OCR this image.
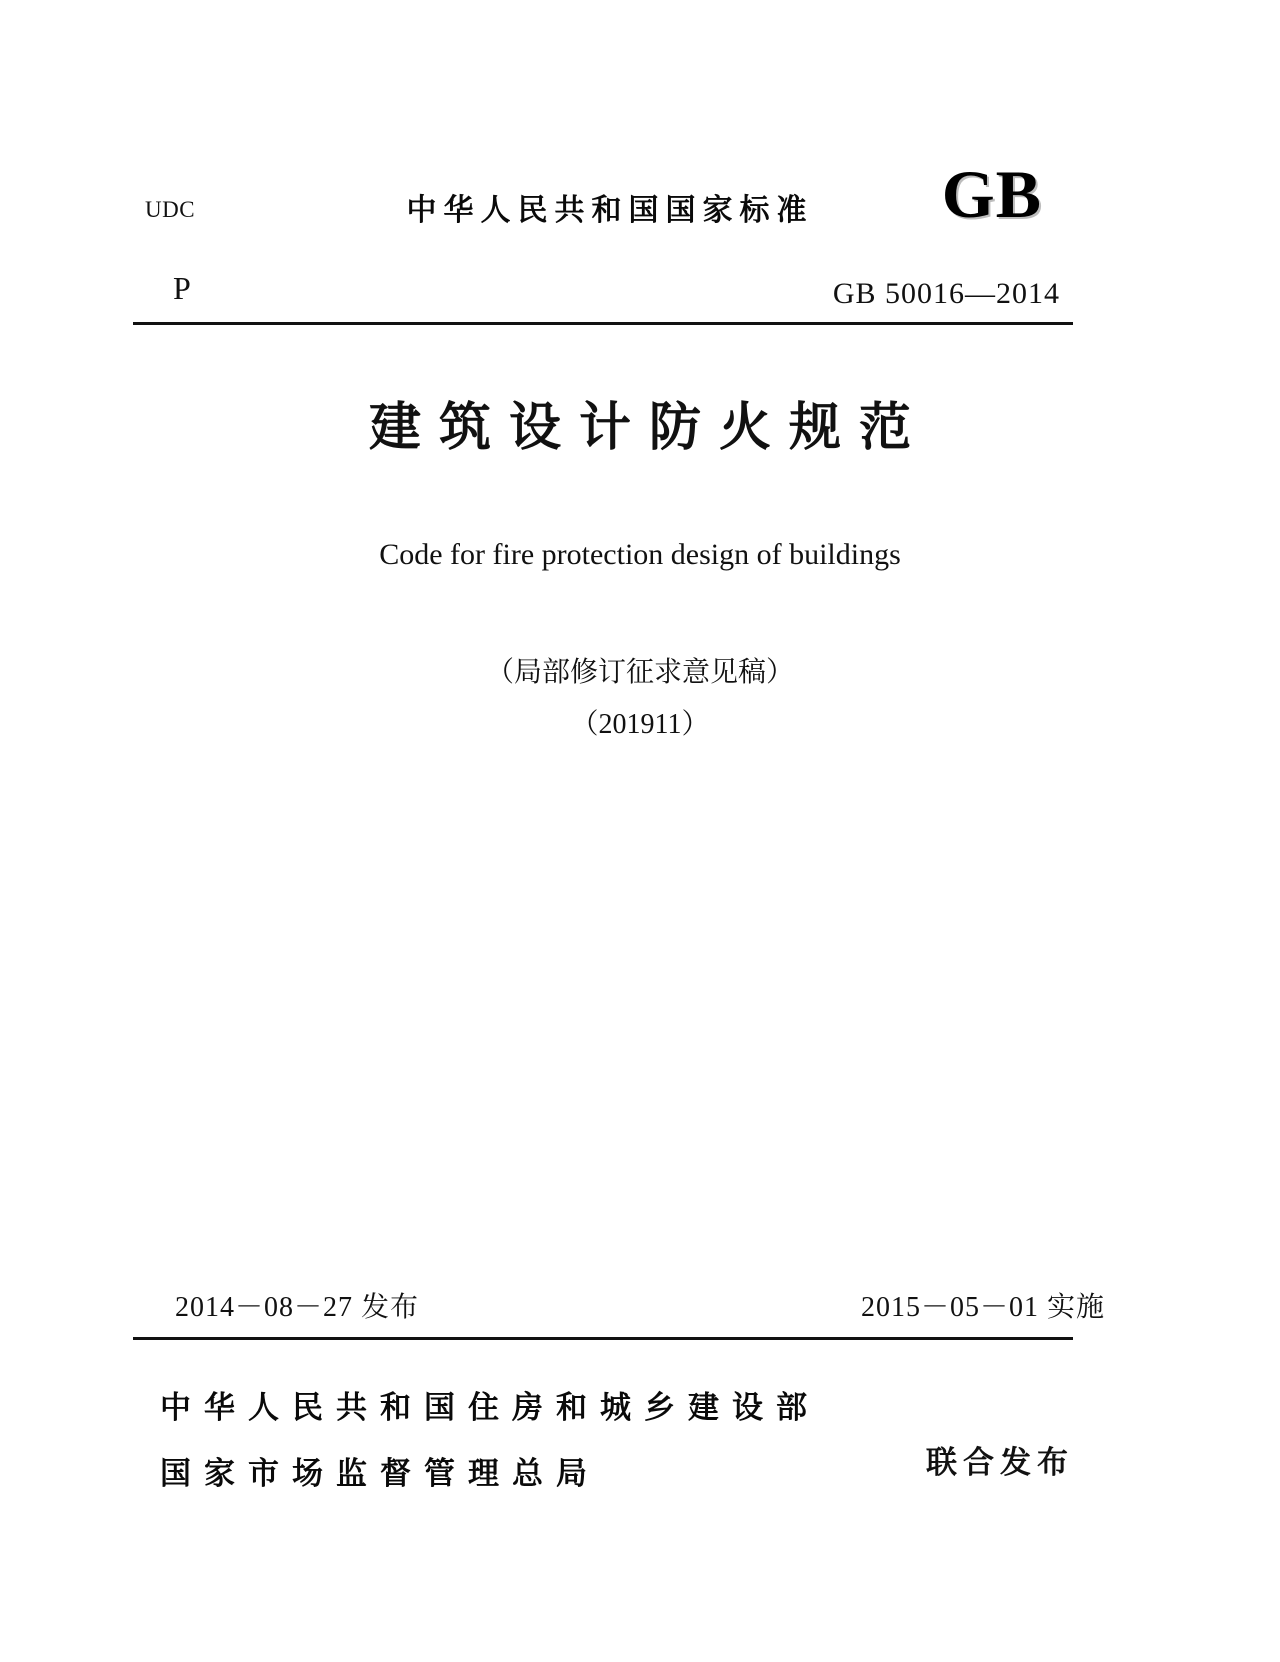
UDC	中华人民共和国国家标准	GB
P	GB 50016—2014
建筑设计防火规范
Code for fire protection design of buildings
（局部修订征求意见稿）
（201911）
2014－08－27 发布	2015－05－01 实施
中华人民共和国住房和城乡建设部
国家市场监督管理总局	联合发布
